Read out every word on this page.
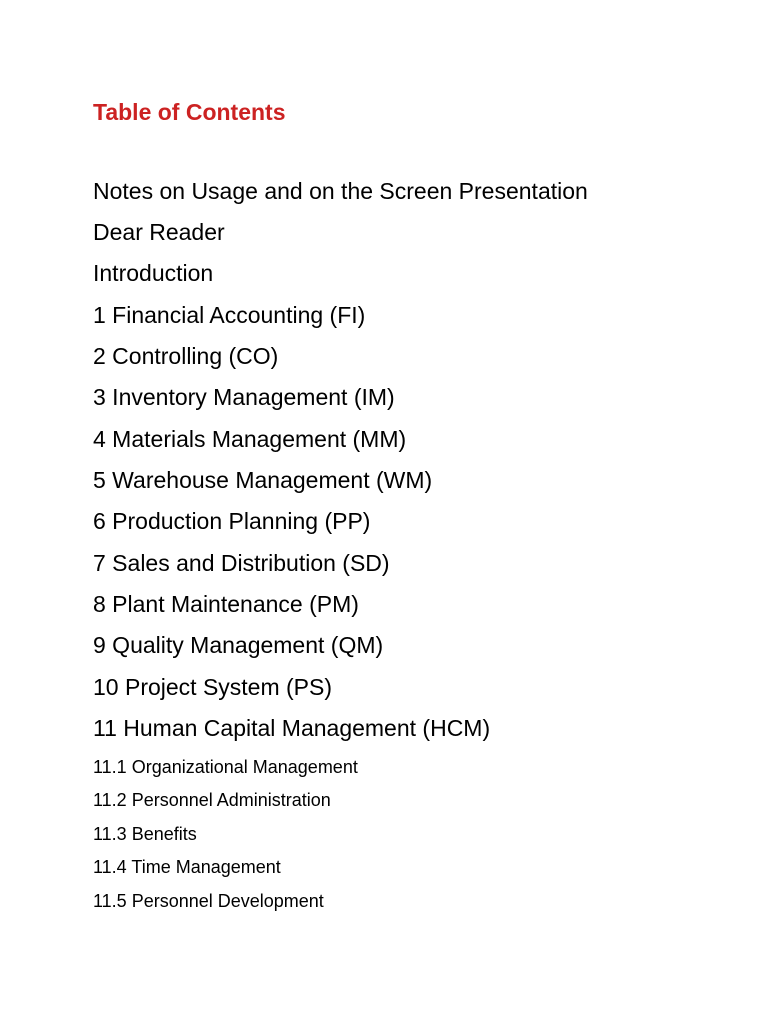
Table of Contents
Notes on Usage and on the Screen Presentation
Dear Reader
Introduction
1 Financial Accounting (FI)
2 Controlling (CO)
3 Inventory Management (IM)
4 Materials Management (MM)
5 Warehouse Management (WM)
6 Production Planning (PP)
7 Sales and Distribution (SD)
8 Plant Maintenance (PM)
9 Quality Management (QM)
10 Project System (PS)
11 Human Capital Management (HCM)
11.1 Organizational Management
11.2 Personnel Administration
11.3 Benefits
11.4 Time Management
11.5 Personnel Development
